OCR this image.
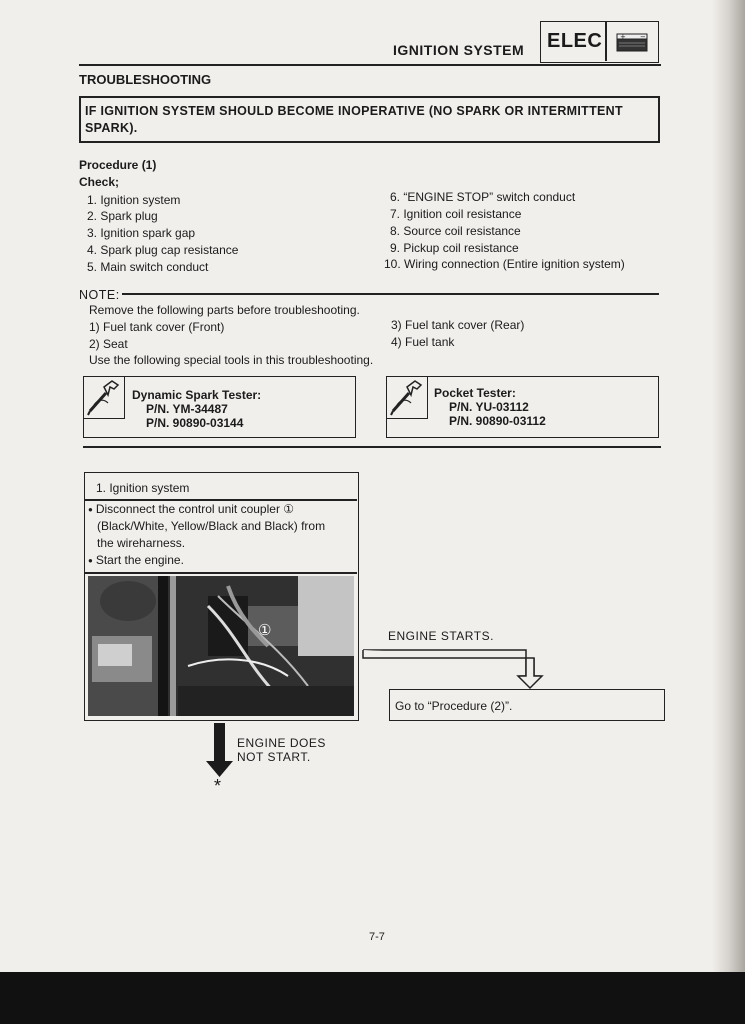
IGNITION SYSTEM ELEC	+ −
TROUBLESHOOTING
IF IGNITION SYSTEM SHOULD BECOME INOPERATIVE (NO SPARK OR INTERMITTENT SPARK).
Procedure (1)
Check;
1. Ignition system
2. Spark plug
3. Ignition spark gap
4. Spark plug cap resistance
5. Main switch conduct
6. “ENGINE STOP” switch conduct
7. Ignition coil resistance
8. Source coil resistance
9. Pickup coil resistance
10. Wiring connection (Entire ignition system)
NOTE:
Remove the following parts before troubleshooting.
1) Fuel tank cover (Front)
2) Seat
3) Fuel tank cover (Rear)
4) Fuel tank
Use the following special tools in this troubleshooting.
Dynamic Spark Tester:
P/N. YM-34487
P/N. 90890-03144
Pocket Tester:
P/N. YU-03112
P/N. 90890-03112
1. Ignition system
● Disconnect the control unit coupler ①
(Black/White, Yellow/Black and Black) from
the wireharness.
● Start the engine.
①	ENGINE STARTS.
Go to “Procedure (2)”.
ENGINE DOES
NOT START.
*
7-7
